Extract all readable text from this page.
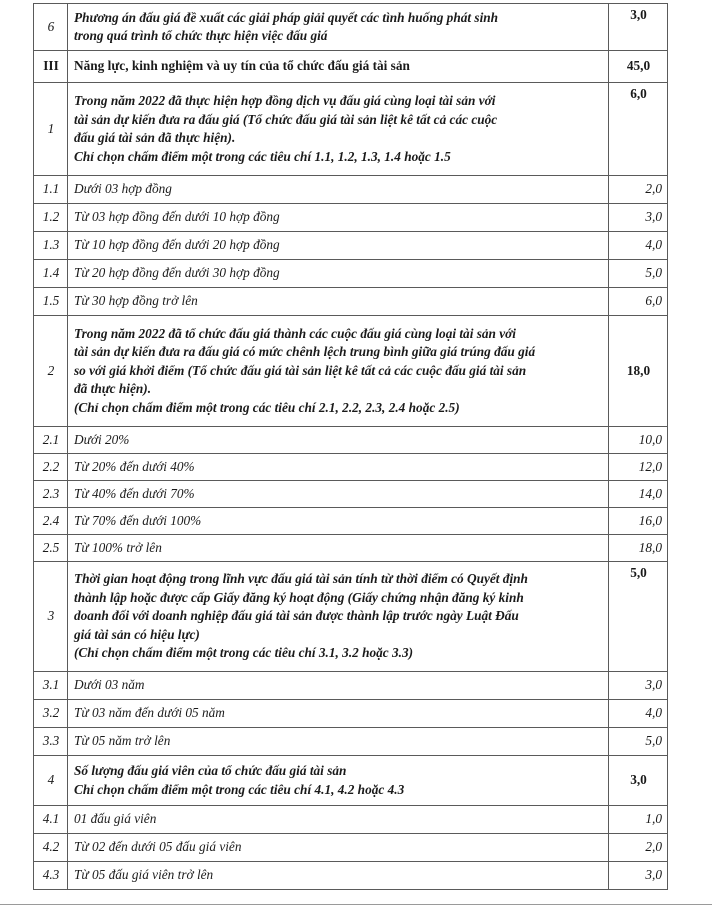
6	Phương án đấu giá đề xuất các giải pháp giải quyết các tình huống phát sinh
trong quá trình tổ chức thực hiện việc đấu giá	3,0
III	Năng lực, kinh nghiệm và uy tín của tổ chức đấu giá tài sản	45,0
1	Trong năm 2022 đã thực hiện hợp đồng dịch vụ đấu giá cùng loại tài sản với
tài sản dự kiến đưa ra đấu giá (Tổ chức đấu giá tài sản liệt kê tất cả các cuộc
đấu giá tài sản đã thực hiện).
Chỉ chọn chấm điểm một trong các tiêu chí 1.1, 1.2, 1.3, 1.4 hoặc 1.5	6,0
1.1	Dưới 03 hợp đồng	2,0
1.2	Từ 03 hợp đồng đến dưới 10 hợp đồng	3,0
1.3	Từ 10 hợp đồng đến dưới 20 hợp đồng	4,0
1.4	Từ 20 hợp đồng đến dưới 30 hợp đồng	5,0
1.5	Từ 30 hợp đồng trở lên	6,0
2	Trong năm 2022 đã tổ chức đấu giá thành các cuộc đấu giá cùng loại tài sản với
tài sản dự kiến đưa ra đấu giá có mức chênh lệch trung bình giữa giá trúng đấu giá
so với giá khởi điểm (Tổ chức đấu giá tài sản liệt kê tất cả các cuộc đấu giá tài sản
đã thực hiện).
(Chỉ chọn chấm điểm một trong các tiêu chí 2.1, 2.2, 2.3, 2.4 hoặc 2.5)	18,0
2.1	Dưới 20%	10,0
2.2	Từ 20% đến dưới 40%	12,0
2.3	Từ 40% đến dưới 70%	14,0
2.4	Từ 70% đến dưới 100%	16,0
2.5	Từ 100% trở lên	18,0
3	Thời gian hoạt động trong lĩnh vực đấu giá tài sản tính từ thời điểm có Quyết định
thành lập hoặc được cấp Giấy đăng ký hoạt động (Giấy chứng nhận đăng ký kinh
doanh đối với doanh nghiệp đấu giá tài sản được thành lập trước ngày Luật Đấu
giá tài sản có hiệu lực)
(Chỉ chọn chấm điểm một trong các tiêu chí 3.1, 3.2 hoặc 3.3)	5,0
3.1	Dưới 03 năm	3,0
3.2	Từ 03 năm đến dưới 05 năm	4,0
3.3	Từ 05 năm trở lên	5,0
4	Số lượng đấu giá viên của tổ chức đấu giá tài sản
Chỉ chọn chấm điểm một trong các tiêu chí 4.1, 4.2 hoặc 4.3	3,0
4.1	01 đấu giá viên	1,0
4.2	Từ 02 đến dưới 05 đấu giá viên	2,0
4.3	Từ 05 đấu giá viên trở lên	3,0
